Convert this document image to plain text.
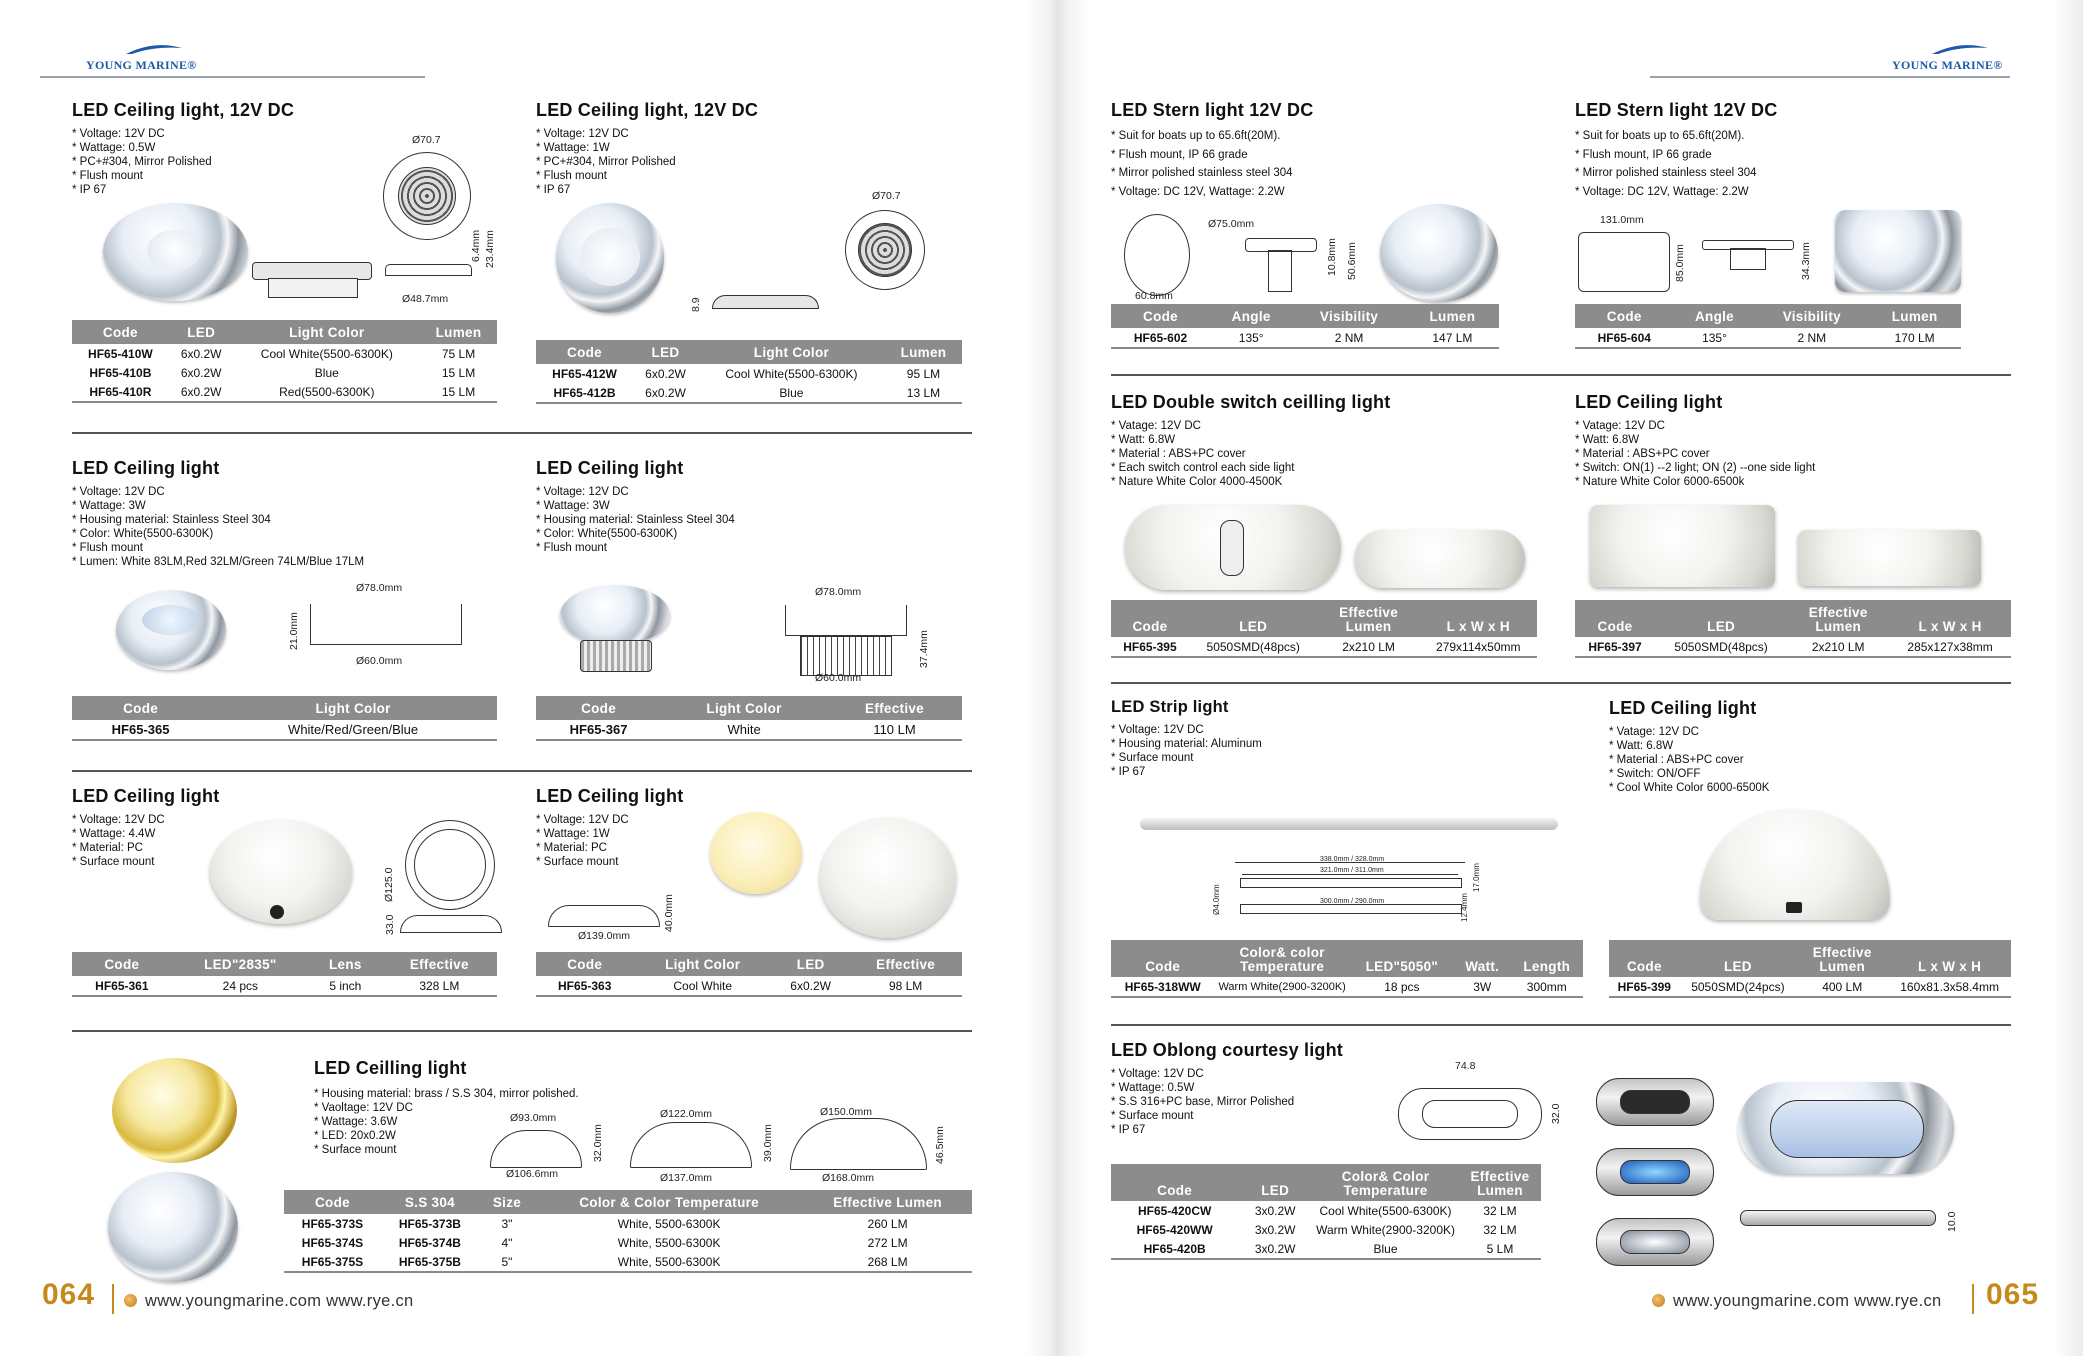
YOUNG MARINE®	YOUNG MARINE®
LED Ceiling light, 12V DC
* Voltage: 12V DC
* Wattage: 0.5W
* PC+#304, Mirror Polished
* Flush mount
* IP 67
Ø70.7
Ø48.7mm
6.4mm 23.4mm
Code	LED	Light Color	Lumen
HF65-410W	6x0.2W	Cool White(5500-6300K)	75 LM
HF65-410B	6x0.2W	Blue	15 LM
HF65-410R	6x0.2W	Red(5500-6300K)	15 LM
LED Ceiling light, 12V DC
* Voltage: 12V DC
* Wattage: 1W
* PC+#304, Mirror Polished
* Flush mount
* IP 67
8.9
Ø70.7
Code	LED	Light Color	Lumen
HF65-412W	6x0.2W	Cool White(5500-6300K)	95 LM
HF65-412B	6x0.2W	Blue	13 LM
LED Ceiling light
* Voltage: 12V DC
* Wattage: 3W
* Housing material: Stainless Steel 304
* Color: White(5500-6300K)
* Flush mount
* Lumen: White 83LM,Red 32LM/Green 74LM/Blue 17LM
Ø78.0mm
Ø60.0mm
21.0mm
Code	Light Color
HF65-365	White/Red/Green/Blue
LED Ceiling light
* Voltage: 12V DC
* Wattage: 3W
* Housing material: Stainless Steel 304
* Color: White(5500-6300K)
* Flush mount
Ø78.0mm
Ø60.0mm
37.4mm
Code	Light Color	Effective
HF65-367	White	110 LM
LED Ceiling light
* Voltage: 12V DC
* Wattage: 4.4W
* Material: PC
* Surface mount
Ø125.0
33.0
Code	LED"2835"	Lens	Effective
HF65-361	24 pcs	5 inch	328 LM
LED Ceiling light
* Voltage: 12V DC
* Wattage: 1W
* Material: PC
* Surface mount
Ø139.0mm
40.0mm
Code	Light Color	LED	Effective
HF65-363	Cool White	6x0.2W	98 LM
LED Ceilling light
* Housing material: brass / S.S 304, mirror polished.
* Vaoltage: 12V DC
* Wattage: 3.6W
* LED: 20x0.2W
* Surface mount
Ø93.0mm
Ø106.6mm
32.0mm
Ø122.0mm
Ø137.0mm
39.0mm
Ø150.0mm
Ø168.0mm
46.5mm
Code	S.S 304	Size	Color & Color Temperature	Effective Lumen
HF65-373S	HF65-373B	3"	White, 5500-6300K	260 LM
HF65-374S	HF65-374B	4"	White, 5500-6300K	272 LM
HF65-375S	HF65-375B	5"	White, 5500-6300K	268 LM
064	www.youngmarine.com www.rye.cn
LED Stern light 12V DC
* Suit for boats up to 65.6ft(20M).
* Flush mount, IP 66 grade
* Mirror polished stainless steel 304
* Voltage: DC 12V, Wattage: 2.2W
Ø75.0mm
60.8mm
10.8mm 50.6mm
Code	Angle	Visibility	Lumen
HF65-602	135°	2 NM	147 LM
LED Stern light 12V DC
* Suit for boats up to 65.6ft(20M).
* Flush mount, IP 66 grade
* Mirror polished stainless steel 304
* Voltage: DC 12V, Wattage: 2.2W
131.0mm
85.0mm	34.3mm
Code	Angle	Visibility	Lumen
HF65-604	135°	2 NM	170 LM
LED Double switch ceilling light
* Vatage: 12V DC
* Watt: 6.8W
* Material : ABS+PC cover
* Each switch control each side light
* Nature White Color 4000-4500K
Code	LED	Effective Lumen	L x W x H
HF65-395	5050SMD(48pcs)	2x210 LM	279x114x50mm
LED Ceiling light
* Vatage: 12V DC
* Watt: 6.8W
* Material : ABS+PC cover
* Switch: ON(1) --2 light; ON (2) --one side light
* Nature White Color 6000-6500k
Code	LED	Effective Lumen	L x W x H
HF65-397	5050SMD(48pcs)	2x210 LM	285x127x38mm
LED Strip light
* Voltage: 12V DC
* Housing material: Aluminum
* Surface mount
* IP 67
338.0mm / 328.0mm
321.0mm / 311.0mm
300.0mm / 290.0mm
Ø4.0mm	12.4mm
17.0mm
Code	Color& color Temperature	LED"5050"	Watt.	Length
HF65-318WW	Warm White(2900-3200K)	18 pcs	3W	300mm
LED Ceiling light
* Vatage: 12V DC
* Watt: 6.8W
* Material : ABS+PC cover
* Switch: ON/OFF
* Cool White Color 6000-6500K
Code	LED	Effective Lumen	L x W x H
HF65-399	5050SMD(24pcs)	400 LM	160x81.3x58.4mm
LED Oblong courtesy light
* Voltage: 12V DC
* Wattage: 0.5W
* S.S 316+PC base, Mirror Polished
* Surface mount
* IP 67
74.8
32.0
10.0
Code	LED	Color& Color Temperature	Effective Lumen
HF65-420CW	3x0.2W	Cool White(5500-6300K)	32 LM
HF65-420WW	3x0.2W	Warm White(2900-3200K)	32 LM
HF65-420B	3x0.2W	Blue	5 LM
www.youngmarine.com www.rye.cn 065
